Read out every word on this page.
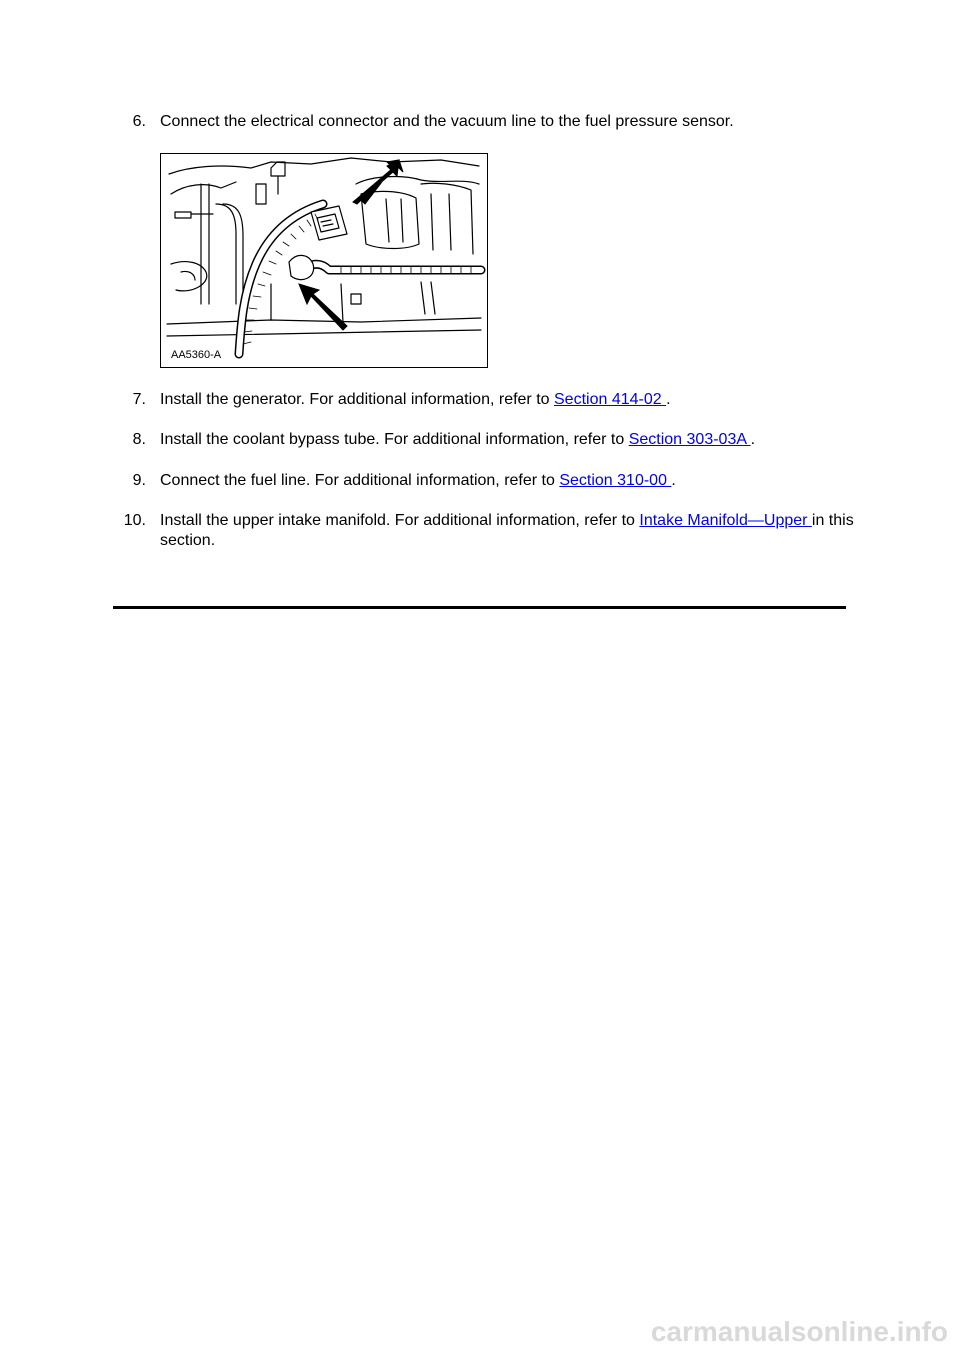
6. Connect the electrical connector and the vacuum line to the fuel pressure sensor.
AA5360-A
7. Install the generator. For additional information, refer to Section 414-02 .
8. Install the coolant bypass tube. For additional information, refer to Section 303-03A .
9. Connect the fuel line. For additional information, refer to Section 310-00 .
10. Install the upper intake manifold. For additional information, refer to Intake Manifold—Upper in this section.
carmanualsonline.info
